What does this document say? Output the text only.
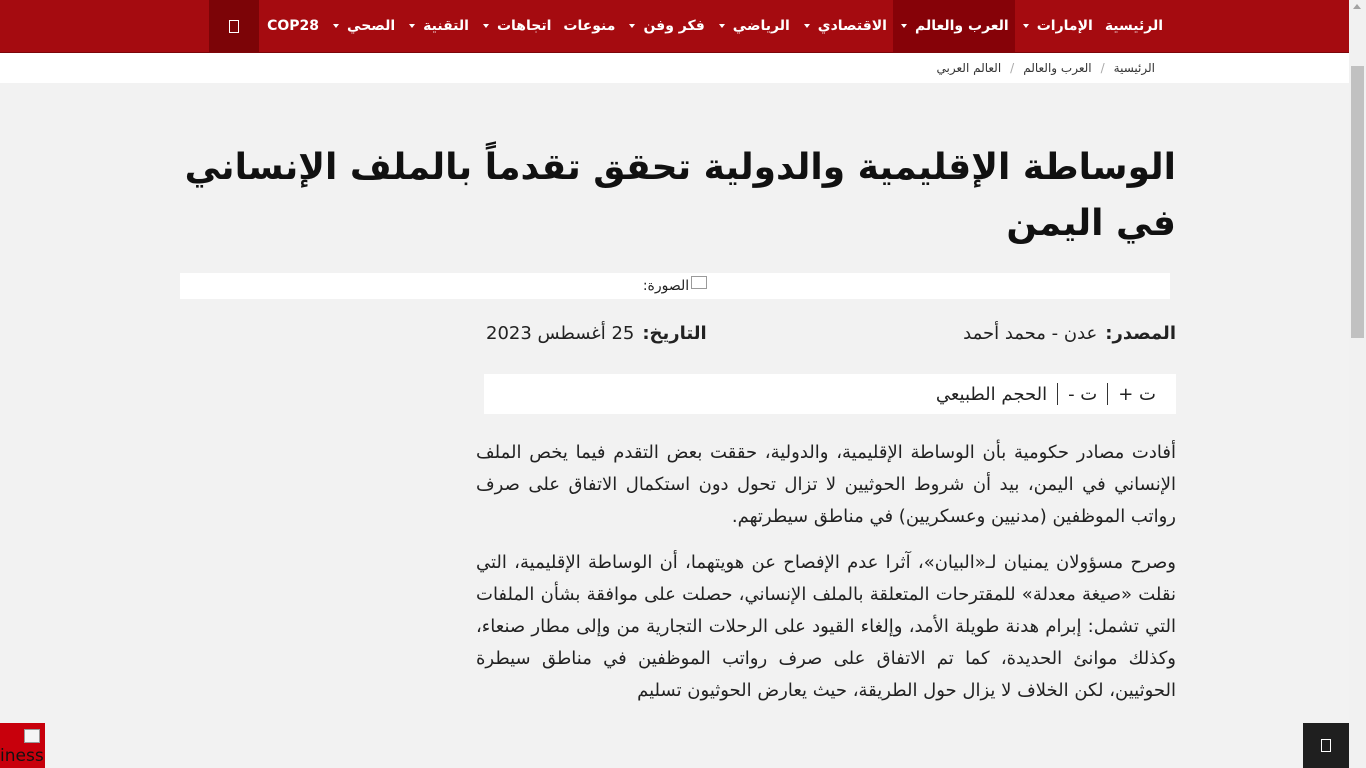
الرئيسية
الإمارات
العرب والعالم
الاقتصادي
الرياضي
فكر وفن
منوعات
اتجاهات
التقنية
الصحي
COP28
الرئيسية
/
العرب والعالم
/
العالم العربي
الوساطة الإقليمية والدولية تحقق تقدماً بالملف الإنساني في اليمن
الصورة:
المصدر:
عدن - محمد أحمد
التاريخ:
25 أغسطس 2023
ت +
ت -
الحجم الطبيعي

أفادت مصادر حكومية بأن الوساطة الإقليمية، والدولية، حققت بعض التقدم فيما يخص الملف الإنساني في اليمن، بيد أن شروط الحوثيين لا تزال تحول دون استكمال الاتفاق على صرف رواتب الموظفين (مدنيين وعسكريين) في مناطق سيطرتهم.

وصرح مسؤولان يمنيان لـ«البيان»، آثرا عدم الإفصاح عن هويتهما، أن الوساطة الإقليمية، التي نقلت «صيغة معدلة» للمقترحات المتعلقة بالملف الإنساني، حصلت على موافقة بشأن الملفات التي تشمل: إبرام هدنة طويلة الأمد، وإلغاء القيود على الرحلات التجارية من وإلى مطار صنعاء، وكذلك موانئ الحديدة، كما تم الاتفاق على صرف رواتب الموظفين في مناطق سيطرة الحوثيين، لكن الخلاف لا يزال حول الطريقة، حيث يعارض الحوثيون تسليم

iness
